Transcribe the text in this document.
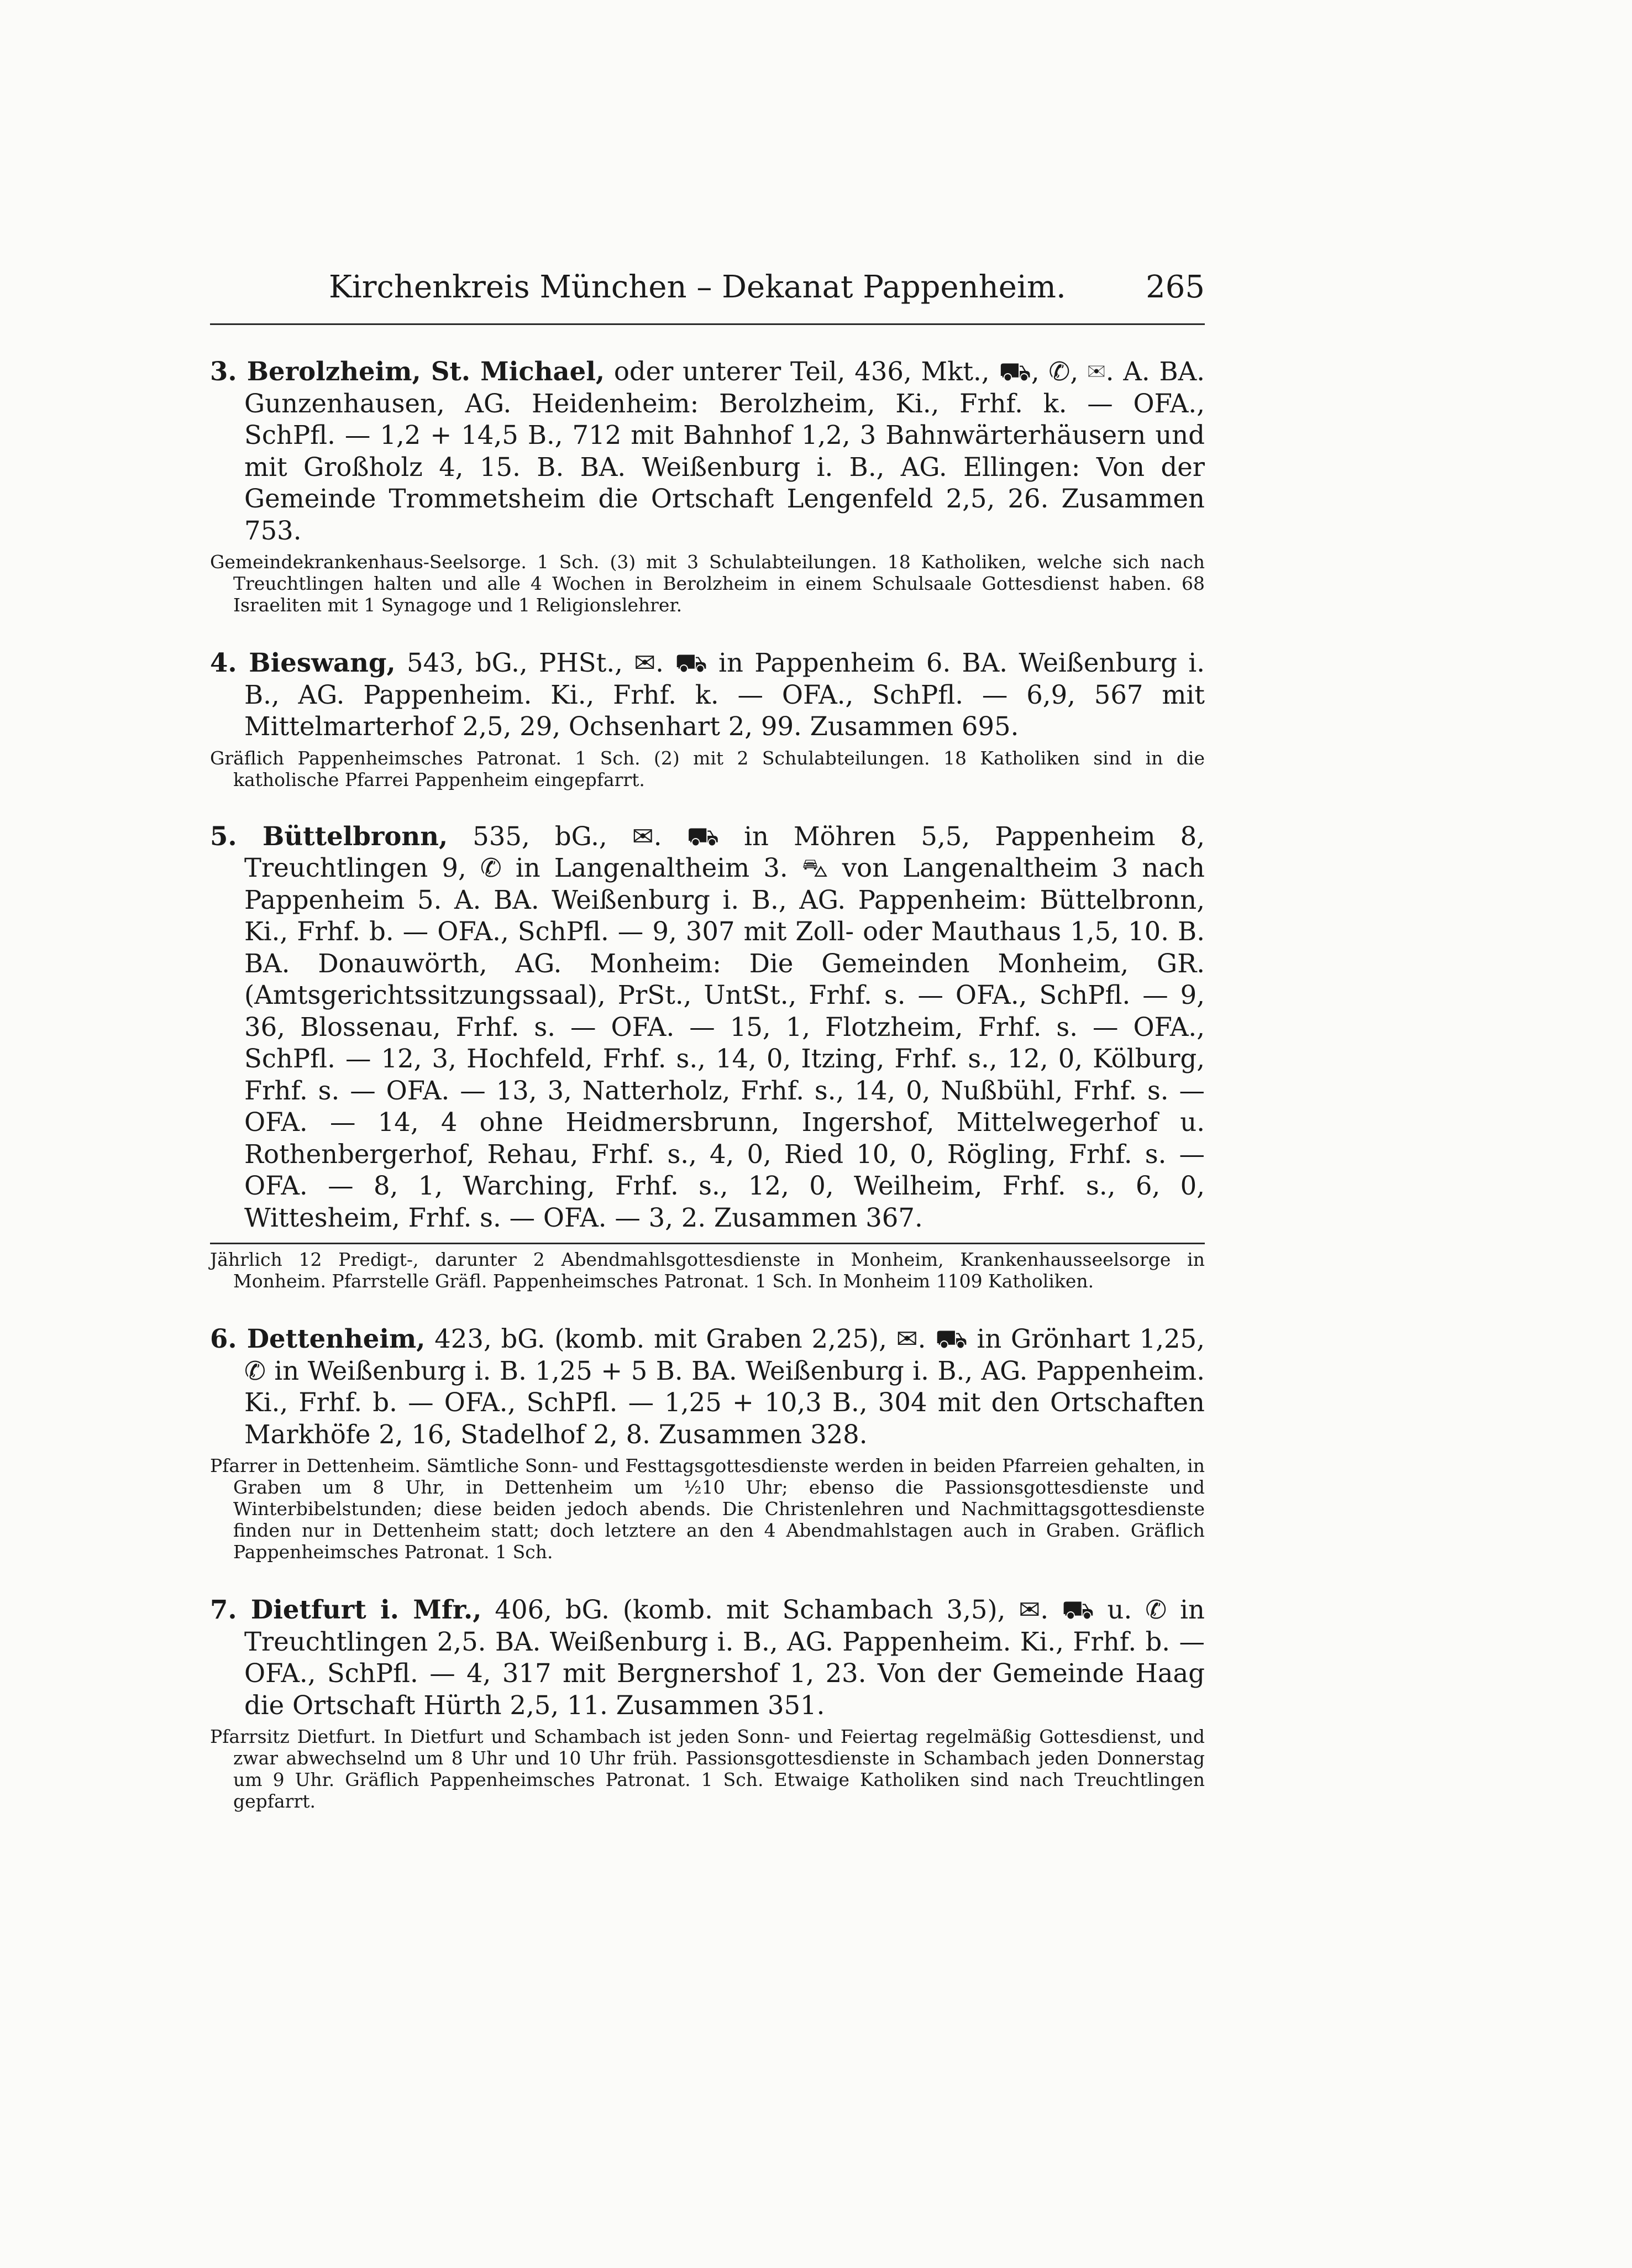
Kirchenkreis München – Dekanat Pappenheim.	265

3. Berolzheim, St. Michael, oder unterer Teil, 436, Mkt., ⛟, ✆, ✉. A. BA. Gunzenhausen, AG. Heidenheim: Berolzheim, Ki., Frhf. k. — OFA., SchPfl. — 1,2 + 14,5 B., 712 mit Bahnhof 1,2, 3 Bahnwärterhäusern und mit Großholz 4, 15. B. BA. Weißenburg i. B., AG. Ellingen: Von der Gemeinde Trommetsheim die Ortschaft Lengenfeld 2,5, 26. Zusammen 753.

Gemeindekrankenhaus-Seelsorge. 1 Sch. (3) mit 3 Schulabteilungen. 18 Katholiken, welche sich nach Treuchtlingen halten und alle 4 Wochen in Berolzheim in einem Schulsaale Gottesdienst haben. 68 Israeliten mit 1 Synagoge und 1 Religionslehrer.

4. Bieswang, 543, bG., PHSt., ✉. ⛟ in Pappenheim 6. BA. Weißenburg i. B., AG. Pappenheim. Ki., Frhf. k. — OFA., SchPfl. — 6,9, 567 mit Mittelmarterhof 2,5, 29, Ochsenhart 2, 99. Zusammen 695.

Gräflich Pappenheimsches Patronat. 1 Sch. (2) mit 2 Schulabteilungen. 18 Katholiken sind in die katholische Pfarrei Pappenheim eingepfarrt.

5. Büttelbronn, 535, bG., ✉. ⛟ in Möhren 5,5, Pappenheim 8, Treuchtlingen 9, ✆ in Langenaltheim 3. ⛍ von Langenaltheim 3 nach Pappenheim 5. A. BA. Weißenburg i. B., AG. Pappenheim: Büttelbronn, Ki., Frhf. b. — OFA., SchPfl. — 9, 307 mit Zoll- oder Mauthaus 1,5, 10. B. BA. Donauwörth, AG. Monheim: Die Gemeinden Monheim, GR. (Amtsgerichtssitzungssaal), PrSt., UntSt., Frhf. s. — OFA., SchPfl. — 9, 36, Blossenau, Frhf. s. — OFA. — 15, 1, Flotzheim, Frhf. s. — OFA., SchPfl. — 12, 3, Hochfeld, Frhf. s., 14, 0, Itzing, Frhf. s., 12, 0, Kölburg, Frhf. s. — OFA. — 13, 3, Natterholz, Frhf. s., 14, 0, Nußbühl, Frhf. s. — OFA. — 14, 4 ohne Heidmersbrunn, Ingershof, Mittelwegerhof u. Rothenbergerhof, Rehau, Frhf. s., 4, 0, Ried 10, 0, Rögling, Frhf. s. — OFA. — 8, 1, Warching, Frhf. s., 12, 0, Weilheim, Frhf. s., 6, 0, Wittesheim, Frhf. s. — OFA. — 3, 2. Zusammen 367.

Jährlich 12 Predigt-, darunter 2 Abendmahlsgottesdienste in Monheim, Krankenhausseelsorge in Monheim. Pfarrstelle Gräfl. Pappenheimsches Patronat. 1 Sch. In Monheim 1109 Katholiken.

6. Dettenheim, 423, bG. (komb. mit Graben 2,25), ✉. ⛟ in Grönhart 1,25, ✆ in Weißenburg i. B. 1,25 + 5 B. BA. Weißenburg i. B., AG. Pappenheim. Ki., Frhf. b. — OFA., SchPfl. — 1,25 + 10,3 B., 304 mit den Ortschaften Markhöfe 2, 16, Stadelhof 2, 8. Zusammen 328.

Pfarrer in Dettenheim. Sämtliche Sonn- und Festtagsgottesdienste werden in beiden Pfarreien gehalten, in Graben um 8 Uhr, in Dettenheim um ½10 Uhr; ebenso die Passionsgottesdienste und Winterbibelstunden; diese beiden jedoch abends. Die Christenlehren und Nachmittagsgottesdienste finden nur in Dettenheim statt; doch letztere an den 4 Abendmahlstagen auch in Graben. Gräflich Pappenheimsches Patronat. 1 Sch.

7. Dietfurt i. Mfr., 406, bG. (komb. mit Schambach 3,5), ✉. ⛟ u. ✆ in Treuchtlingen 2,5. BA. Weißenburg i. B., AG. Pappenheim. Ki., Frhf. b. — OFA., SchPfl. — 4, 317 mit Bergnershof 1, 23. Von der Gemeinde Haag die Ortschaft Hürth 2,5, 11. Zusammen 351.

Pfarrsitz Dietfurt. In Dietfurt und Schambach ist jeden Sonn- und Feiertag regelmäßig Gottesdienst, und zwar abwechselnd um 8 Uhr und 10 Uhr früh. Passionsgottesdienste in Schambach jeden Donnerstag um 9 Uhr. Gräflich Pappenheimsches Patronat. 1 Sch. Etwaige Katholiken sind nach Treuchtlingen gepfarrt.
